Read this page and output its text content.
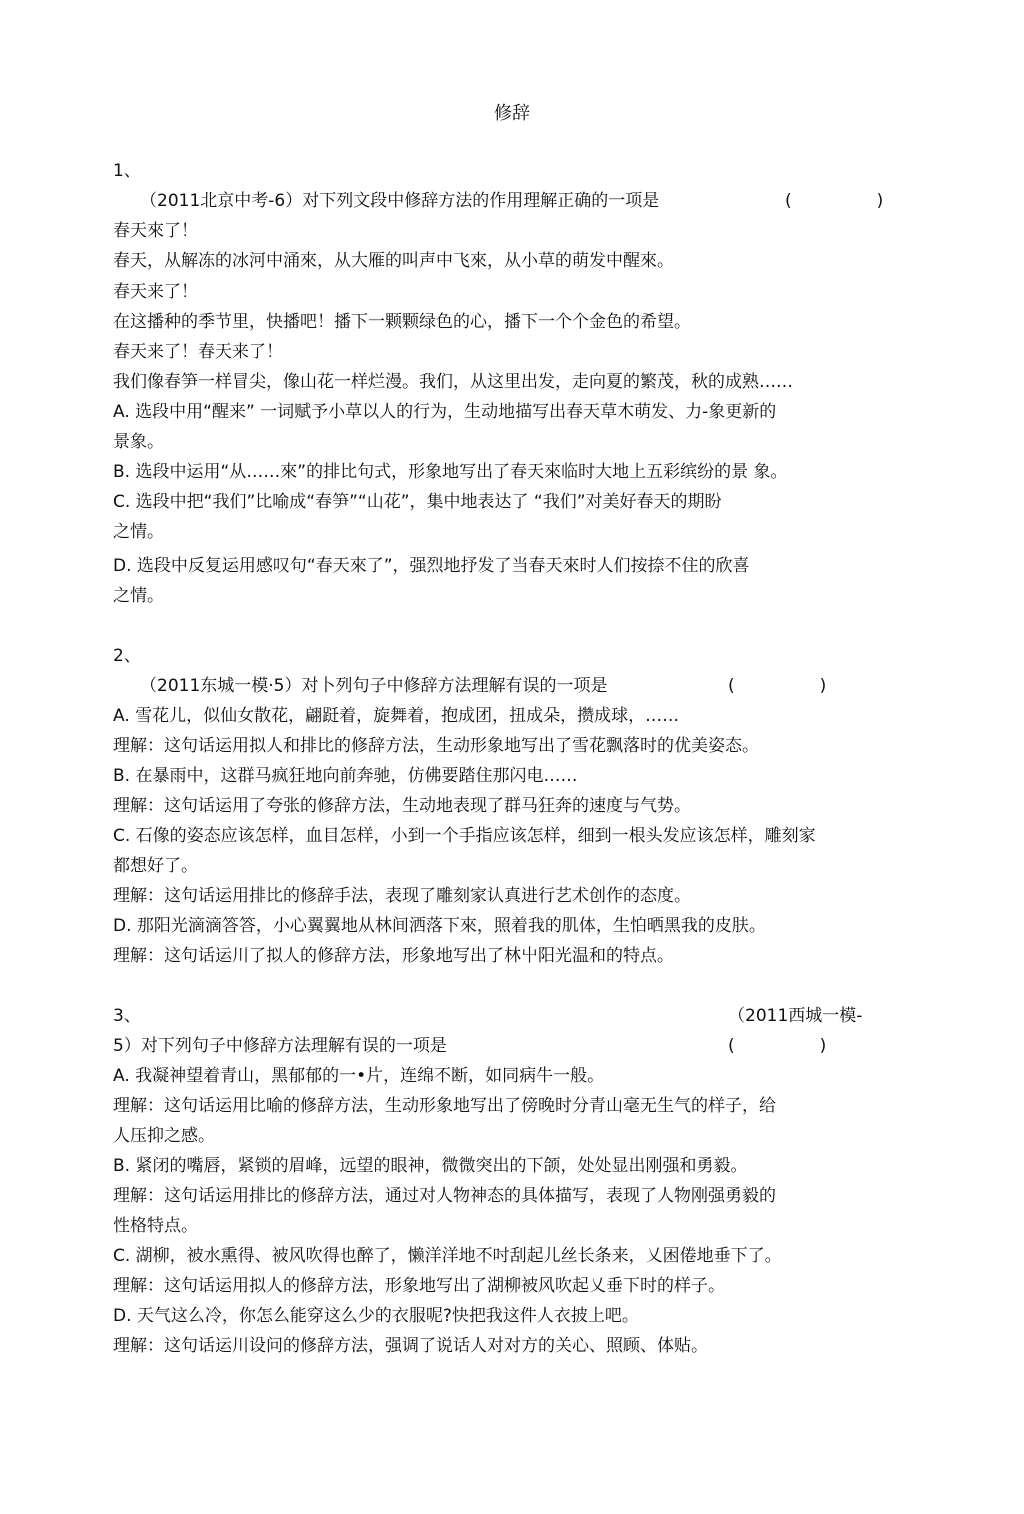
修辞
1、
（2011北京中考-6）对下列文段中修辞方法的作用理解正确的一项是	(　　　　　)
春天來了！
春天，从解冻的冰河中涌來，从大雁的叫声中飞來，从小草的萌发中醒來。
春天来了！
在这播种的季节里，快播吧！播下一颗颗绿色的心，播下一个个金色的希望。
春天来了！春天来了！
我们像春笋一样冒尖，像山花一样烂漫。我们，从这里出发，走向夏的繁茂，秋的成熟……
A. 选段中用“醒来” 一词赋予小草以人的行为，生动地描写出春天草木萌发、力-象更新的
景象。
B. 选段中运用“从……來”的排比句式，形象地写出了春天來临时大地上五彩缤纷的景 象。
C. 选段中把“我们”比喻成“春笋”“山花”，集中地表达了 “我们”对美好春天的期盼
之情。
D. 选段中反复运用感叹句“春天來了”，强烈地抒发了当春天來时人们按捺不住的欣喜
之情。
2、
（2011东城一模·5）对卜列句子中修辞方法理解有误的一项是	(　　　　　)
A. 雪花儿，似仙女散花，翩跹着，旋舞着，抱成团，扭成朵，攒成球，……
理解：这句话运用拟人和排比的修辞方法，生动形象地写出了雪花飘落时的优美姿态。
B. 在暴雨中，这群马疯狂地向前奔驰，仿佛要踏住那闪电……
理解：这句话运用了夸张的修辞方法，生动地表现了群马狂奔的速度与气势。
C. 石像的姿态应该怎样，血目怎样，小到一个手指应该怎样，细到一根头发应该怎样，雕刻家
都想好了。
理解：这句话运用排比的修辞手法，表现了雕刻家认真进行艺术创作的态度。
D. 那阳光滴滴答答，小心翼翼地从林间洒落下來，照着我的肌体，生怕晒黑我的皮肤。
理解：这句话运川了拟人的修辞方法，形象地写出了林屮阳光温和的特点。
3、	（2011西城一模-
5）对下列句子中修辞方法理解有误的一项是	(　　　　　)
A. 我凝神望着青山，黑郁郁的一•片，连绵不断，如同病牛一般。
理解：这句话运用比喻的修辞方法，生动形象地写出了傍晚时分青山毫无生气的样子，给
人压抑之感。
B. 紧闭的嘴唇，紧锁的眉峰，远望的眼神，微微突出的下颌，处处显出刚强和勇毅。
理解：这句话运用排比的修辞方法，通过对人物神态的具体描写，表现了人物刚强勇毅的
性格特点。
C. 湖柳，被水熏得、被风吹得也醉了，懒洋洋地不吋刮起儿丝长条来，乂困倦地垂下了。
理解：这句话运用拟人的修辞方法，形象地写出了湖柳被风吹起乂垂下时的样子。
D. 天气这么冷，你怎么能穿这么少的衣服呢?快把我这件人衣披上吧。
理解：这句话运川设问的修辞方法，强调了说话人对对方的关心、照顾、体贴。
